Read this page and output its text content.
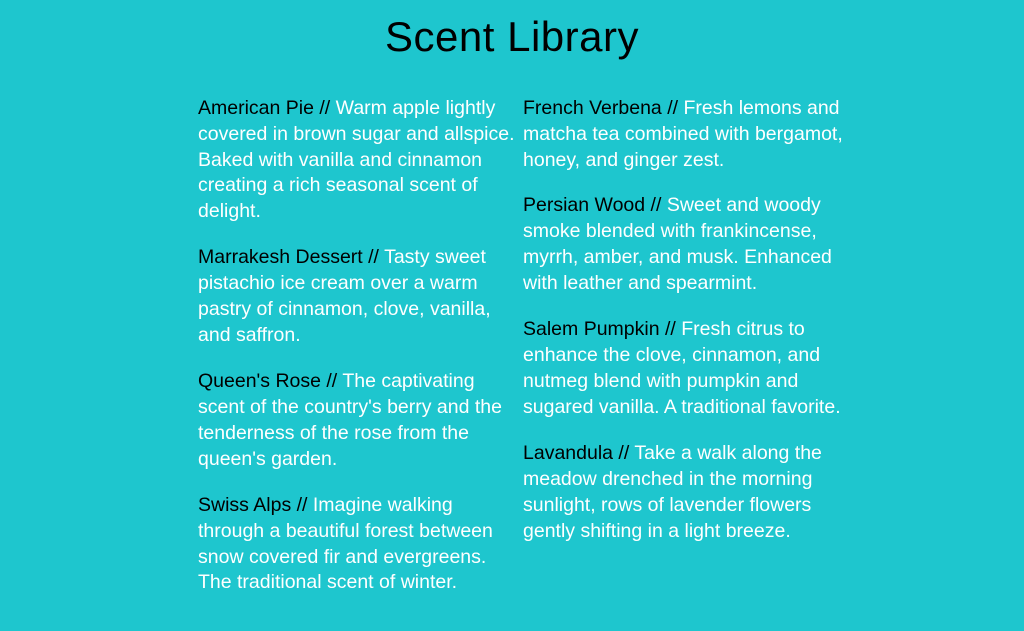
Scent Library

American Pie // Warm apple lightly covered in brown sugar and allspice. Baked with vanilla and cinnamon creating a rich seasonal scent of delight.

Marrakesh Dessert // Tasty sweet pistachio ice cream over a warm pastry of cinnamon, clove, vanilla, and saffron.

Queen's Rose // The captivating scent of the country's berry and the tenderness of the rose from the queen's garden.

Swiss Alps // Imagine walking through a beautiful forest between snow covered fir and evergreens. The traditional scent of winter.

French Verbena // Fresh lemons and matcha tea combined with bergamot, honey, and ginger zest.

Persian Wood // Sweet and woody smoke blended with frankincense, myrrh, amber, and musk. Enhanced with leather and spearmint.

Salem Pumpkin // Fresh citrus to enhance the clove, cinnamon, and nutmeg blend with pumpkin and sugared vanilla. A traditional favorite.

Lavandula // Take a walk along the meadow drenched in the morning sunlight, rows of lavender flowers gently shifting in a light breeze.
